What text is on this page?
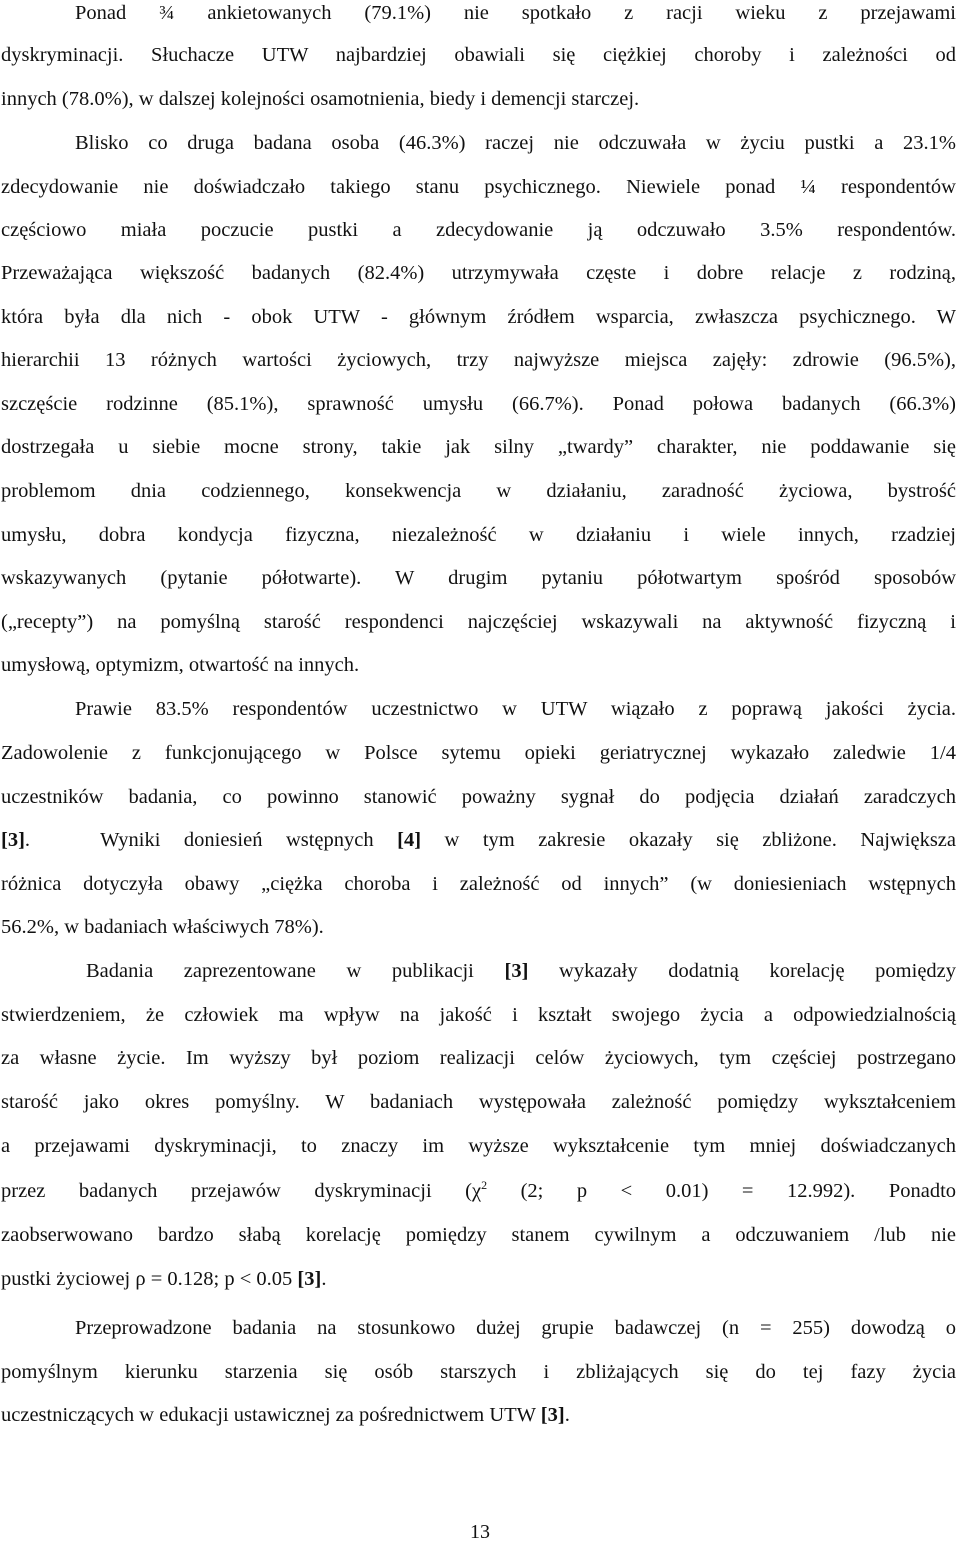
Ponad ¾ ankietowanych (79.1%) nie spotkało z racji wieku z przejawami
dyskryminacji. Słuchacze UTW najbardziej obawiali się ciężkiej choroby i zależności od
innych (78.0%), w dalszej kolejności osamotnienia, biedy i demencji starczej.
Blisko co druga badana osoba (46.3%) raczej nie odczuwała w życiu pustki a 23.1%
zdecydowanie nie doświadczało takiego stanu psychicznego. Niewiele ponad ¼ respondentów
częściowo miała poczucie pustki a zdecydowanie ją odczuwało 3.5% respondentów.
Przeważająca większość badanych (82.4%) utrzymywała częste i dobre relacje z rodziną,
która była dla nich - obok UTW - głównym źródłem wsparcia, zwłaszcza psychicznego. W
hierarchii 13 różnych wartości życiowych, trzy najwyższe miejsca zajęły: zdrowie (96.5%),
szczęście rodzinne (85.1%), sprawność umysłu (66.7%). Ponad połowa badanych (66.3%)
dostrzegała u siebie mocne strony, takie jak silny „twardy” charakter, nie poddawanie się
problemom dnia codziennego, konsekwencja w działaniu, zaradność życiowa, bystrość
umysłu, dobra kondycja fizyczna, niezależność w działaniu i wiele innych, rzadziej
wskazywanych (pytanie półotwarte). W drugim pytaniu półotwartym spośród sposobów
(„recepty”) na pomyślną starość respondenci najczęściej wskazywali na aktywność fizyczną i
umysłową, optymizm, otwartość na innych.
Prawie 83.5% respondentów uczestnictwo w UTW wiązało z poprawą jakości życia.
Zadowolenie z funkcjonującego w Polsce sytemu opieki geriatrycznej wykazało zaledwie 1/4
uczestników badania, co powinno stanowić poważny sygnał do podjęcia działań zaradczych
[3].   Wyniki doniesień wstępnych [4] w tym zakresie okazały się zbliżone. Największa
różnica dotyczyła obawy „ciężka choroba i zależność od innych” (w doniesieniach wstępnych
56.2%, w badaniach właściwych 78%).
Badania zaprezentowane w publikacji [3] wykazały dodatnią korelację pomiędzy
stwierdzeniem, że człowiek ma wpływ na jakość i kształt swojego życia a odpowiedzialnością
za własne życie. Im wyższy był poziom realizacji celów życiowych, tym częściej postrzegano
starość jako okres pomyślny. W badaniach występowała zależność pomiędzy wykształceniem
a przejawami dyskryminacji, to znaczy im wyższe wykształcenie tym mniej doświadczanych
przez badanych przejawów dyskryminacji ($\chi^2$ (2; p < 0.01) = 12.992). Ponadto
zaobserwowano bardzo słabą korelację pomiędzy stanem cywilnym a odczuwaniem /lub nie
pustki życiowej ρ = 0.128; p < 0.05 [3].
Przeprowadzone badania na stosunkowo dużej grupie badawczej (n = 255) dowodzą o
pomyślnym kierunku starzenia się osób starszych i zbliżających się do tej fazy życia
uczestniczących w edukacji ustawicznej za pośrednictwem UTW [3].
13
